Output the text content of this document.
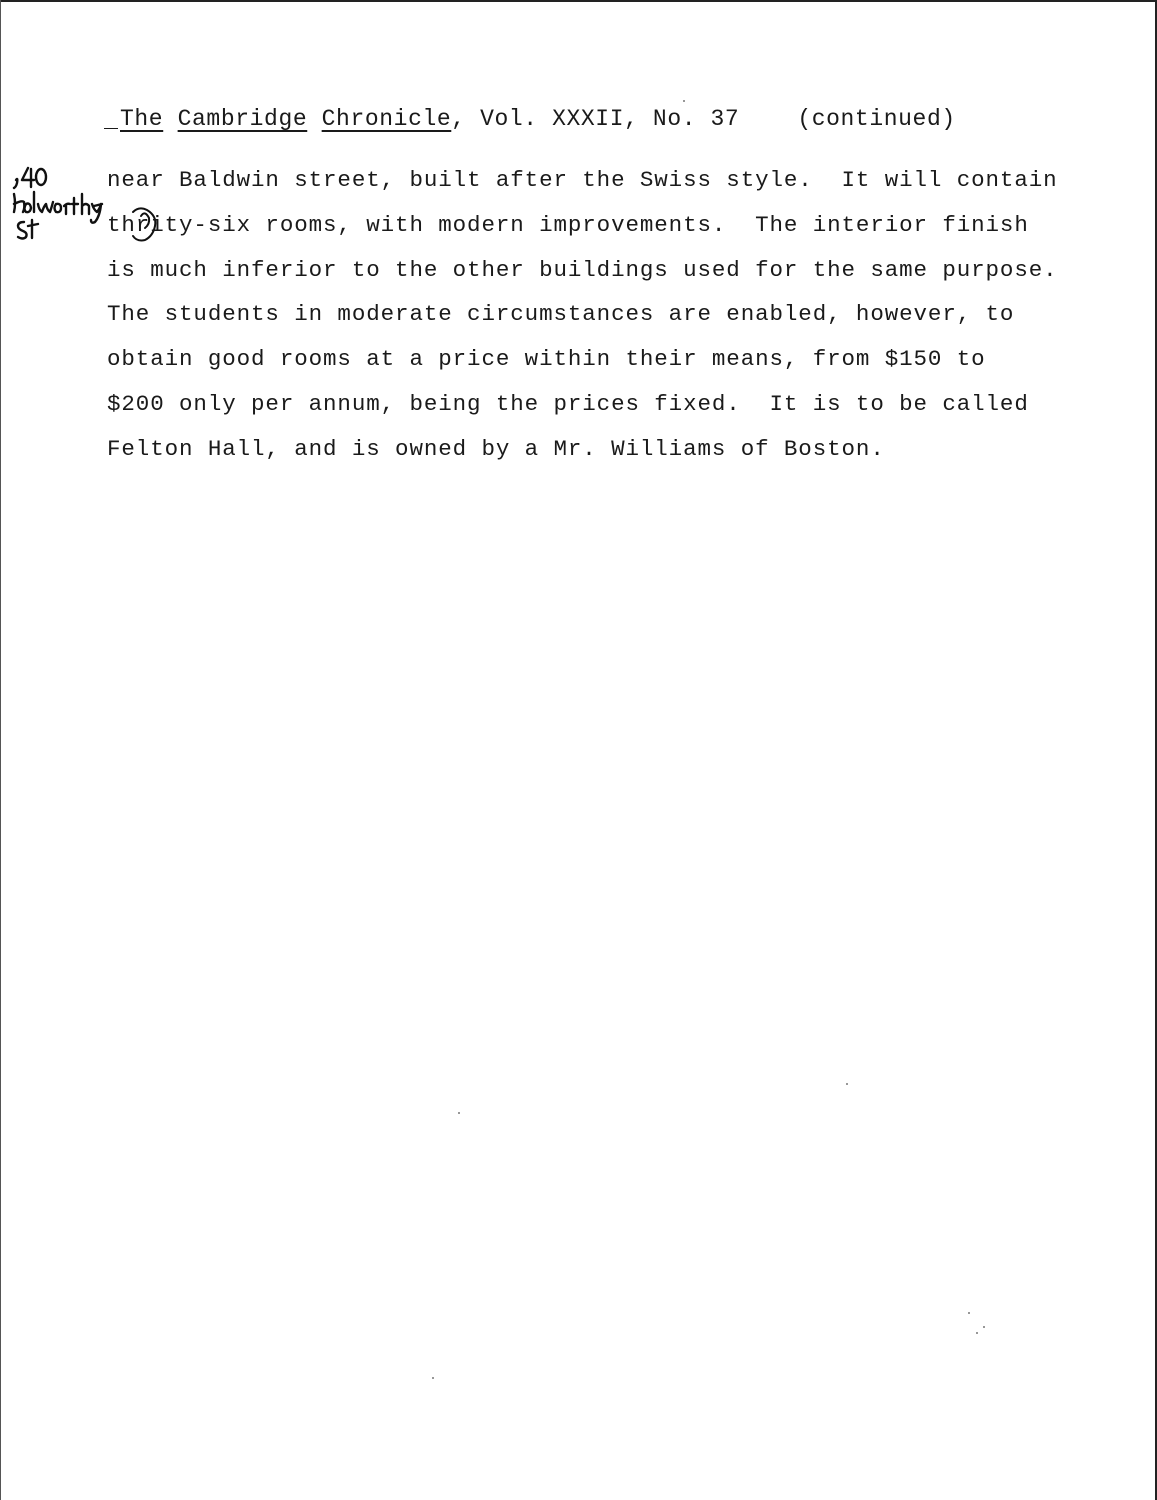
The Cambridge Chronicle, Vol. XXXII, No. 37	(continued)
near Baldwin street, built after the Swiss style.  It will contain
thrity-six rooms, with modern improvements.  The interior finish
is much inferior to the other buildings used for the same purpose.
The students in moderate circumstances are enabled, however, to
obtain good rooms at a price within their means, from $150 to
$200 only per annum, being the prices fixed.  It is to be called
Felton Hall, and is owned by a Mr. Williams of Boston.
